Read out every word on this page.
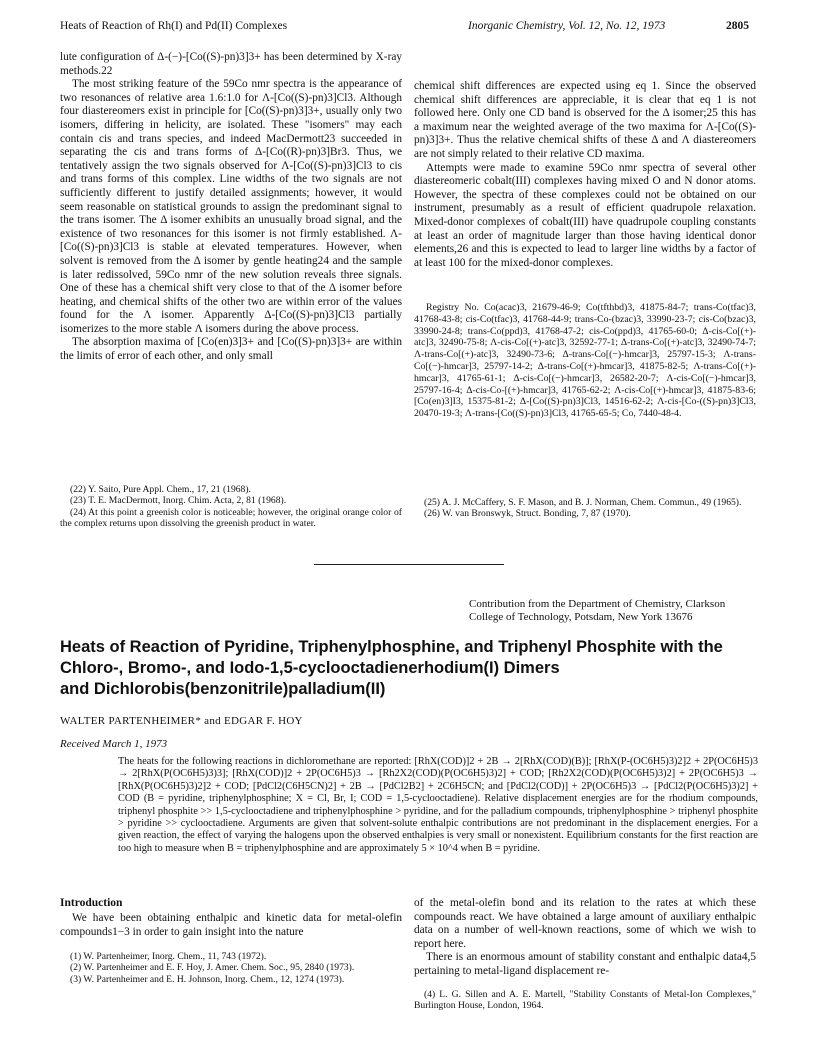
Heats of Reaction of Rh(I) and Pd(II) Complexes	Inorganic Chemistry, Vol. 12, No. 12, 1973	2805

lute configuration of Δ-(−)-[Co((S)-pn)3]3+ has been determined by X-ray methods.22

The most striking feature of the 59Co nmr spectra is the appearance of two resonances of relative area 1.6:1.0 for Λ-[Co((S)-pn)3]Cl3. Although four diastereomers exist in principle for [Co((S)-pn)3]3+, usually only two isomers, differing in helicity, are isolated. These "isomers" may each contain cis and trans species, and indeed MacDermott23 succeeded in separating the cis and trans forms of Δ-[Co((R)-pn)3]Br3. Thus, we tentatively assign the two signals observed for Λ-[Co((S)-pn)3]Cl3 to cis and trans forms of this complex. Line widths of the two signals are not sufficiently different to justify detailed assignments; however, it would seem reasonable on statistical grounds to assign the predominant signal to the trans isomer. The Δ isomer exhibits an unusually broad signal, and the existence of two resonances for this isomer is not firmly established. Λ-[Co((S)-pn)3]Cl3 is stable at elevated temperatures. However, when solvent is removed from the Δ isomer by gentle heating24 and the sample is later redissolved, 59Co nmr of the new solution reveals three signals. One of these has a chemical shift very close to that of the Δ isomer before heating, and chemical shifts of the other two are within error of the values found for the Λ isomer. Apparently Δ-[Co((S)-pn)3]Cl3 partially isomerizes to the more stable Λ isomers during the above process.

The absorption maxima of [Co(en)3]3+ and [Co((S)-pn)3]3+ are within the limits of error of each other, and only small

(22) Y. Saito, Pure Appl. Chem., 17, 21 (1968).
(23) T. E. MacDermott, Inorg. Chim. Acta, 2, 81 (1968).
(24) At this point a greenish color is noticeable; however, the original orange color of the complex returns upon dissolving the greenish product in water.

chemical shift differences are expected using eq 1. Since the observed chemical shift differences are appreciable, it is clear that eq 1 is not followed here. Only one CD band is observed for the Δ isomer;25 this has a maximum near the weighted average of the two maxima for Λ-[Co((S)-pn)3]3+. Thus the relative chemical shifts of these Δ and Λ diastereomers are not simply related to their relative CD maxima.

Attempts were made to examine 59Co nmr spectra of several other diastereomeric cobalt(III) complexes having mixed O and N donor atoms. However, the spectra of these complexes could not be obtained on our instrument, presumably as a result of efficient quadrupole relaxation. Mixed-donor complexes of cobalt(III) have quadrupole coupling constants at least an order of magnitude larger than those having identical donor elements,26 and this is expected to lead to larger line widths by a factor of at least 100 for the mixed-donor complexes.

Registry No. Co(acac)3, 21679-46-9; Co(tfthbd)3, 41875-84-7; trans-Co(tfac)3, 41768-43-8; cis-Co(tfac)3, 41768-44-9; trans-Co-(bzac)3, 33990-23-7; cis-Co(bzac)3, 33990-24-8; trans-Co(ppd)3, 41768-47-2; cis-Co(ppd)3, 41765-60-0; Δ-cis-Co[(+)-atc]3, 32490-75-8; Λ-cis-Co[(+)-atc]3, 32592-77-1; Δ-trans-Co[(+)-atc]3, 32490-74-7; Λ-trans-Co[(+)-atc]3, 32490-73-6; Δ-trans-Co[(−)-hmcar]3, 25797-15-3; Λ-trans-Co[(−)-hmcar]3, 25797-14-2; Δ-trans-Co[(+)-hmcar]3, 41875-82-5; Λ-trans-Co[(+)-hmcar]3, 41765-61-1; Δ-cis-Co[(−)-hmcar]3, 26582-20-7; Λ-cis-Co[(−)-hmcar]3, 25797-16-4; Δ-cis-Co-[(+)-hmcar]3, 41765-62-2; Λ-cis-Co[(+)-hmcar]3, 41875-83-6; [Co(en)3]I3, 15375-81-2; Δ-[Co((S)-pn)3]Cl3, 14516-62-2; Λ-cis-[Co-((S)-pn)3]Cl3, 20470-19-3; Λ-trans-[Co((S)-pn)3]Cl3, 41765-65-5; Co, 7440-48-4.
(25) A. J. McCaffery, S. F. Mason, and B. J. Norman, Chem. Commun., 49 (1965).
(26) W. van Bronswyk, Struct. Bonding, 7, 87 (1970).
Contribution from the Department of Chemistry, Clarkson
College of Technology, Potsdam, New York 13676
Heats of Reaction of Pyridine, Triphenylphosphine, and Triphenyl Phosphite with the
Chloro-, Bromo-, and Iodo-1,5-cyclooctadienerhodium(I) Dimers
and Dichlorobis(benzonitrile)palladium(II)
WALTER PARTENHEIMER* and EDGAR F. HOY
Received March 1, 1973
The heats for the following reactions in dichloromethane are reported: [RhX(COD)]2 + 2B → 2[RhX(COD)(B)]; [RhX(P-(OC6H5)3)2]2 + 2P(OC6H5)3 → 2[RhX(P(OC6H5)3)3]; [RhX(COD)]2 + 2P(OC6H5)3 → [Rh2X2(COD)(P(OC6H5)3)2] + COD; [Rh2X2(COD)(P(OC6H5)3)2] + 2P(OC6H5)3 → [RhX(P(OC6H5)3)2]2 + COD; [PdCl2(C6H5CN)2] + 2B → [PdCl2B2] + 2C6H5CN; and [PdCl2(COD)] + 2P(OC6H5)3 → [PdCl2(P(OC6H5)3)2] + COD (B = pyridine, triphenylphosphine; X = Cl, Br, I; COD = 1,5-cyclooctadiene). Relative displacement energies are for the rhodium compounds, triphenyl phosphite >> 1,5-cyclooctadiene and triphenylphosphine > pyridine, and for the palladium compounds, triphenylphosphine > triphenyl phosphite > pyridine >> cyclooctadiene. Arguments are given that solvent-solute enthalpic contributions are not predominant in the displacement energies. For a given reaction, the effect of varying the halogens upon the observed enthalpies is very small or nonexistent. Equilibrium constants for the first reaction are too high to measure when B = triphenylphosphine and are approximately 5 × 10^4 when B = pyridine.
Introduction
We have been obtaining enthalpic and kinetic data for metal-olefin compounds1−3 in order to gain insight into the nature
(1) W. Partenheimer, Inorg. Chem., 11, 743 (1972).
(2) W. Partenheimer and E. F. Hoy, J. Amer. Chem. Soc., 95, 2840 (1973).
(3) W. Partenheimer and E. H. Johnson, Inorg. Chem., 12, 1274 (1973).

of the metal-olefin bond and its relation to the rates at which these compounds react. We have obtained a large amount of auxiliary enthalpic data on a number of well-known reactions, some of which we wish to report here.

There is an enormous amount of stability constant and enthalpic data4,5 pertaining to metal-ligand displacement re-

(4) L. G. Sillen and A. E. Martell, "Stability Constants of Metal-Ion Complexes," Burlington House, London, 1964.
